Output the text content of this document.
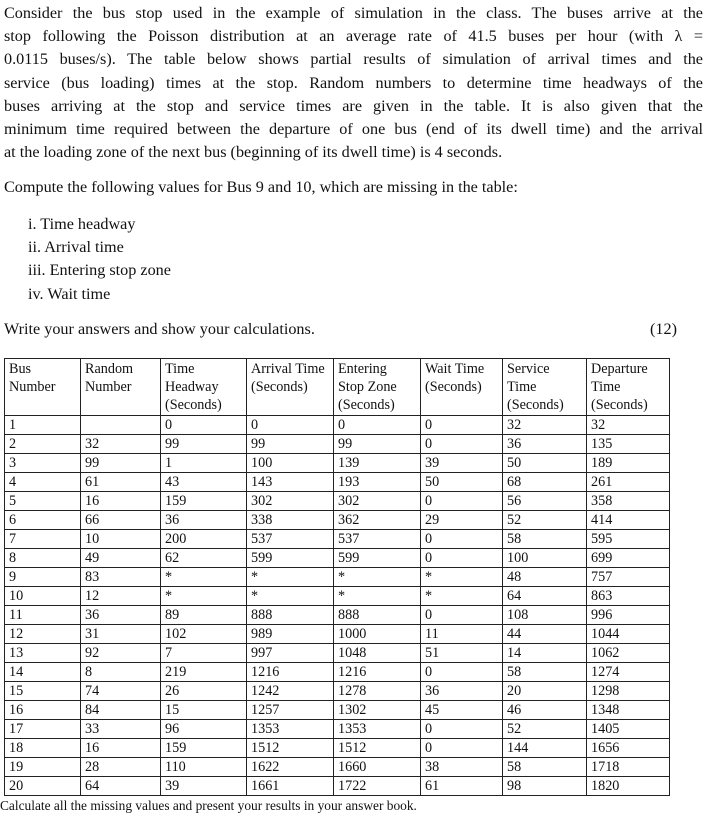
Consider the bus stop used in the example of simulation in the class. The buses arrive at the
stop following the Poisson distribution at an average rate of 41.5 buses per hour (with λ =
0.0115 buses/s). The table below shows partial results of simulation of arrival times and the
service (bus loading) times at the stop. Random numbers to determine time headways of the
buses arriving at the stop and service times are given in the table. It is also given that the
minimum time required between the departure of one bus (end of its dwell time) and the arrival
at the loading zone of the next bus (beginning of its dwell time) is 4 seconds.
Compute the following values for Bus 9 and 10, which are missing in the table:
i. Time headway
ii. Arrival time
iii. Entering stop zone
iv. Wait time
Write your answers and show your calculations.	(12)
Bus Number	Random Number	Time Headway (Seconds)	Arrival Time (Seconds)	Entering Stop Zone (Seconds)	Wait Time (Seconds)	Service Time (Seconds)	Departure Time (Seconds)
1		0	0	0	0	32	32
2	32	99	99	99	0	36	135
3	99	1	100	139	39	50	189
4	61	43	143	193	50	68	261
5	16	159	302	302	0	56	358
6	66	36	338	362	29	52	414
7	10	200	537	537	0	58	595
8	49	62	599	599	0	100	699
9	83	*	*	*	*	48	757
10	12	*	*	*	*	64	863
11	36	89	888	888	0	108	996
12	31	102	989	1000	11	44	1044
13	92	7	997	1048	51	14	1062
14	8	219	1216	1216	0	58	1274
15	74	26	1242	1278	36	20	1298
16	84	15	1257	1302	45	46	1348
17	33	96	1353	1353	0	52	1405
18	16	159	1512	1512	0	144	1656
19	28	110	1622	1660	38	58	1718
20	64	39	1661	1722	61	98	1820
Calculate all the missing values and present your results in your answer book.
